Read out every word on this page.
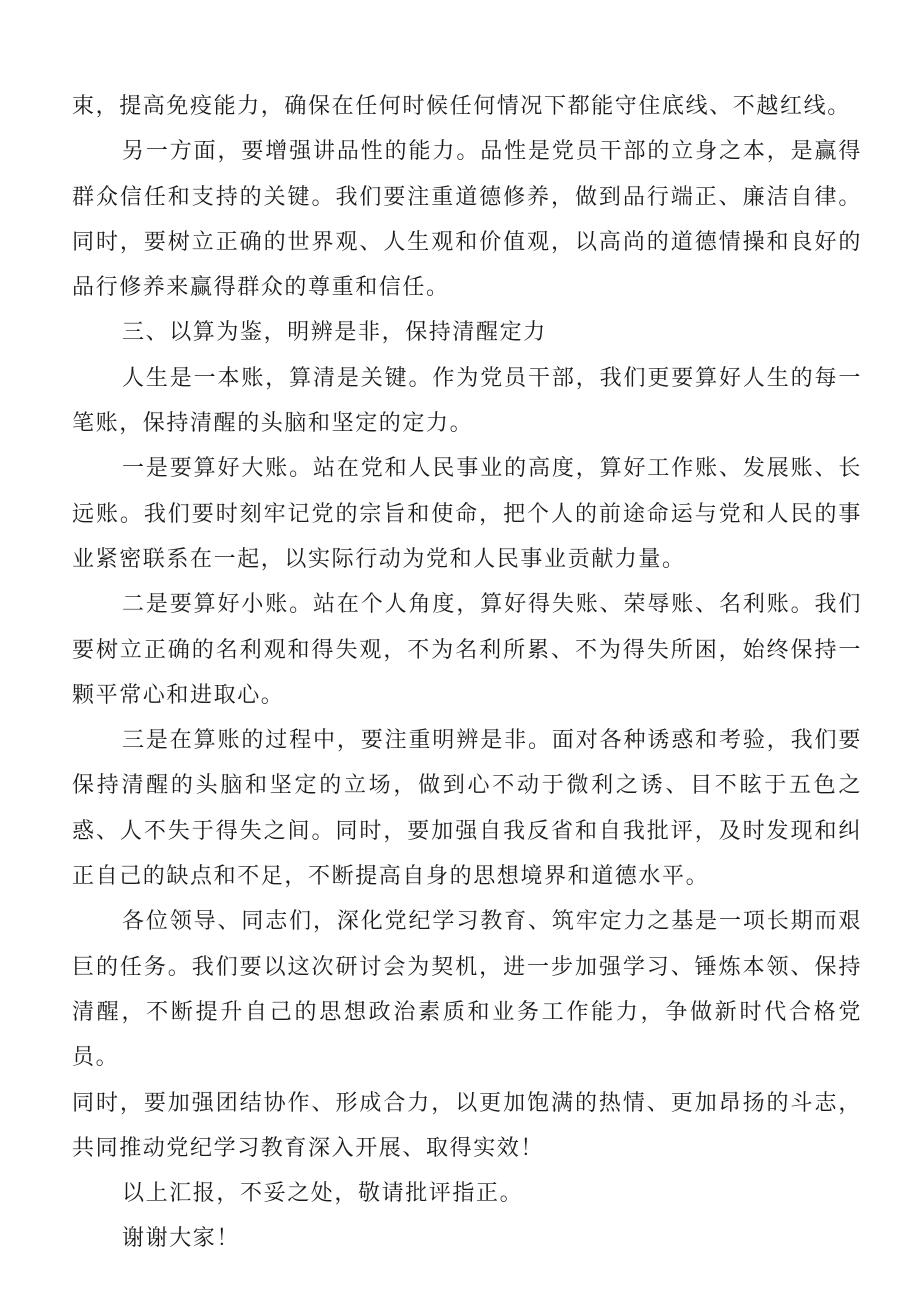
束，提高免疫能力，确保在任何时候任何情况下都能守住底线、不越红线。

另一方面，要增强讲品性的能力。品性是党员干部的立身之本，是赢得群众信任和支持的关键。我们要注重道德修养，做到品行端正、廉洁自律。同时，要树立正确的世界观、人生观和价值观，以高尚的道德情操和良好的品行修养来赢得群众的尊重和信任。

三、以算为鉴，明辨是非，保持清醒定力

人生是一本账，算清是关键。作为党员干部，我们更要算好人生的每一笔账，保持清醒的头脑和坚定的定力。

一是要算好大账。站在党和人民事业的高度，算好工作账、发展账、长远账。我们要时刻牢记党的宗旨和使命，把个人的前途命运与党和人民的事业紧密联系在一起，以实际行动为党和人民事业贡献力量。

二是要算好小账。站在个人角度，算好得失账、荣辱账、名利账。我们要树立正确的名利观和得失观，不为名利所累、不为得失所困，始终保持一颗平常心和进取心。

三是在算账的过程中，要注重明辨是非。面对各种诱惑和考验，我们要保持清醒的头脑和坚定的立场，做到心不动于微利之诱、目不眩于五色之惑、人不失于得失之间。同时，要加强自我反省和自我批评，及时发现和纠正自己的缺点和不足，不断提高自身的思想境界和道德水平。

各位领导、同志们，深化党纪学习教育、筑牢定力之基是一项长期而艰巨的任务。我们要以这次研讨会为契机，进一步加强学习、锤炼本领、保持清醒，不断提升自己的思想政治素质和业务工作能力，争做新时代合格党员。

同时，要加强团结协作、形成合力，以更加饱满的热情、更加昂扬的斗志，共同推动党纪学习教育深入开展、取得实效！

以上汇报，不妥之处，敬请批评指正。

谢谢大家！
